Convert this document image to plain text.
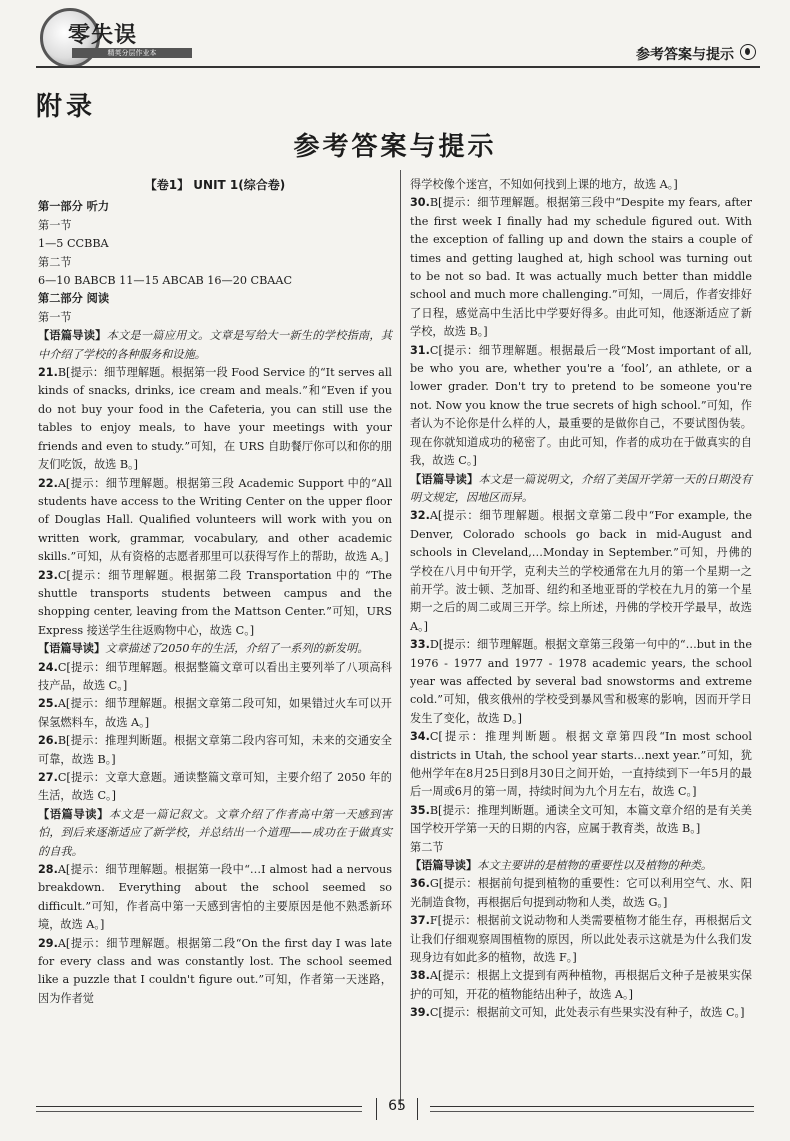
零失误
精英分层作业本	参考答案与提示
附录
参考答案与提示

【卷1】 UNIT 1(综合卷)

第一部分 听力

第一节

1—5 CCBBA

第二节

6—10 BABCB 11—15 ABCAB 16—20 CBAAC

第二部分 阅读

第一节

【语篇导读】本文是一篇应用文。文章是写给大一新生的学校指南，其中介绍了学校的各种服务和设施。

21.B[提示：细节理解题。根据第一段 Food Service 的“It serves all kinds of snacks, drinks, ice cream and meals.”和“Even if you do not buy your food in the Cafeteria, you can still use the tables to enjoy meals, to have your meetings with your friends and even to study.”可知，在 URS 自助餐厅你可以和你的朋友们吃饭，故选 B。]

22.A[提示：细节理解题。根据第三段 Academic Support 中的“All students have access to the Writing Center on the upper floor of Douglas Hall. Qualified volunteers will work with you on written work, grammar, vocabulary, and other academic skills.”可知，从有资格的志愿者那里可以获得写作上的帮助，故选 A。]

23.C[提示：细节理解题。根据第二段 Transportation 中的 “The shuttle transports students between campus and the shopping center, leaving from the Mattson Center.”可知，URS Express 接送学生往返购物中心，故选 C。]

【语篇导读】文章描述了2050年的生活，介绍了一系列的新发明。

24.C[提示：细节理解题。根据整篇文章可以看出主要列举了八项高科技产品，故选 C。]

25.A[提示：细节理解题。根据文章第二段可知，如果错过火车可以开保氢燃料车，故选 A。]

26.B[提示：推理判断题。根据文章第二段内容可知，未来的交通安全可靠，故选 B。]

27.C[提示：文章大意题。通读整篇文章可知，主要介绍了 2050 年的生活，故选 C。]

【语篇导读】本文是一篇记叙文。文章介绍了作者高中第一天感到害怕，到后来逐渐适应了新学校，并总结出一个道理——成功在于做真实的自我。

28.A[提示：细节理解题。根据第一段中“…I almost had a nervous breakdown. Everything about the school seemed so difficult.”可知，作者高中第一天感到害怕的主要原因是他不熟悉新环境，故选 A。]

29.A[提示：细节理解题。根据第二段“On the first day I was late for every class and was constantly lost. The school seemed like a puzzle that I couldn't figure out.”可知，作者第一天迷路，因为作者觉

得学校像个迷宫，不知如何找到上课的地方，故选 A。]

30.B[提示：细节理解题。根据第三段中“Despite my fears, after the first week I finally had my schedule figured out. With the exception of falling up and down the stairs a couple of times and getting laughed at, high school was turning out to be not so bad. It was actually much better than middle school and much more challenging.”可知，一周后，作者安排好了日程，感觉高中生活比中学要好得多。由此可知，他逐渐适应了新学校，故选 B。]

31.C[提示：细节理解题。根据最后一段“Most important of all, be who you are, whether you're a ‘fool’, an athlete, or a lower grader. Don't try to pretend to be someone you're not. Now you know the true secrets of high school.”可知，作者认为不论你是什么样的人，最重要的是做你自己，不要试图伪装。现在你就知道成功的秘密了。由此可知，作者的成功在于做真实的自我，故选 C。]

【语篇导读】本文是一篇说明文，介绍了美国开学第一天的日期没有明文规定，因地区而异。

32.A[提示：细节理解题。根据文章第二段中“For example, the Denver, Colorado schools go back in mid-August and schools in Cleveland,…Monday in September.”可知，丹佛的学校在八月中旬开学，克利夫兰的学校通常在九月的第一个星期一之前开学。波士顿、芝加哥、纽约和圣地亚哥的学校在九月的第一个星期一之后的周二或周三开学。综上所述，丹佛的学校开学最早，故选 A。]

33.D[提示：细节理解题。根据文章第三段第一句中的“…but in the 1976 - 1977 and 1977 - 1978 academic years, the school year was affected by several bad snowstorms and extreme cold.”可知，俄亥俄州的学校受到暴风雪和极寒的影响，因而开学日发生了变化，故选 D。]

34.C[提示：推理判断题。根据文章第四段“In most school districts in Utah, the school year starts…next year.”可知，犹他州学年在8月25日到8月30日之间开始，一直持续到下一年5月的最后一周或6月的第一周，持续时间为九个月左右，故选 C。]

35.B[提示：推理判断题。通读全文可知，本篇文章介绍的是有关美国学校开学第一天的日期的内容，应属于教育类，故选 B。]

第二节

【语篇导读】本文主要讲的是植物的重要性以及植物的种类。

36.G[提示：根据前句提到植物的重要性：它可以利用空气、水、阳光制造食物，再根据后句提到动物和人类，故选 G。]

37.F[提示：根据前文说动物和人类需要植物才能生存，再根据后文让我们仔细观察周围植物的原因，所以此处表示这就是为什么我们发现身边有如此多的植物，故选 F。]

38.A[提示：根据上文提到有两种植物，再根据后文种子是被果实保护的可知，开花的植物能结出种子，故选 A。]

39.C[提示：根据前文可知，此处表示有些果实没有种子，故选 C。]

65
